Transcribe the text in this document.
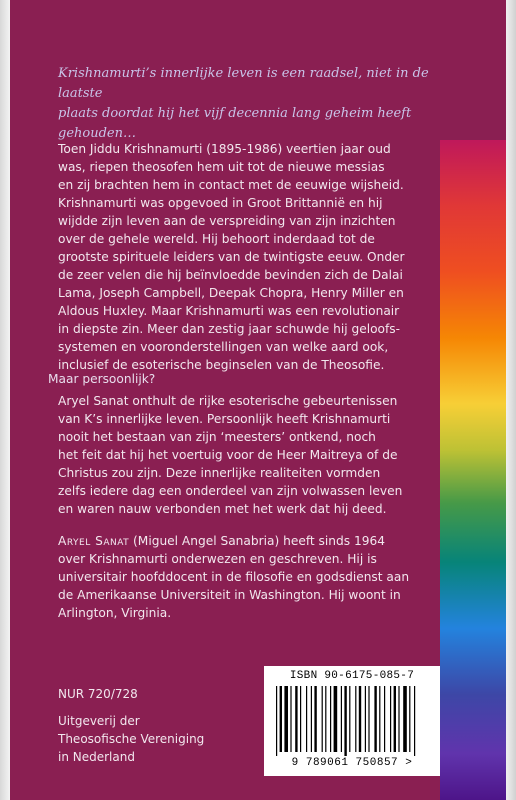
Krishnamurti’s innerlijke leven is een raadsel, niet in de laatste
plaats doordat hij het vijf decennia lang geheim heeft gehouden…
Toen Jiddu Krishnamurti (1895-1986) veertien jaar oud
was, riepen theosofen hem uit tot de nieuwe messias
en zij brachten hem in contact met de eeuwige wijsheid.
Krishnamurti was opgevoed in Groot Brittannië en hij
wijdde zijn leven aan de verspreiding van zijn inzichten
over de gehele wereld. Hij behoort inderdaad tot de
grootste spirituele leiders van de twintigste eeuw. Onder
de zeer velen die hij beïnvloedde bevinden zich de Dalai
Lama, Joseph Campbell, Deepak Chopra, Henry Miller en
Aldous Huxley. Maar Krishnamurti was een revolutionair
in diepste zin. Meer dan zestig jaar schuwde hij geloofs-
systemen en vooronderstellingen van welke aard ook,
inclusief de esoterische beginselen van de Theosofie.
Maar persoonlijk?
Aryel Sanat onthult de rijke esoterische gebeurtenissen
van K’s innerlijke leven. Persoonlijk heeft Krishnamurti
nooit het bestaan van zijn ‘meesters’ ontkend, noch
het feit dat hij het voertuig voor de Heer Maitreya of de
Christus zou zijn. Deze innerlijke realiteiten vormden
zelfs iedere dag een onderdeel van zijn volwassen leven
en waren nauw verbonden met het werk dat hij deed.
Aryel Sanat (Miguel Angel Sanabria) heeft sinds 1964
over Krishnamurti onderwezen en geschreven. Hij is
universitair hoofddocent in de filosofie en godsdienst aan
de Amerikaanse Universiteit in Washington. Hij woont in
Arlington, Virginia.
NUR 720/728
Uitgeverij der
Theosofische Vereniging
in Nederland
ISBN 90-6175-085-7
9 789061 750857 >
